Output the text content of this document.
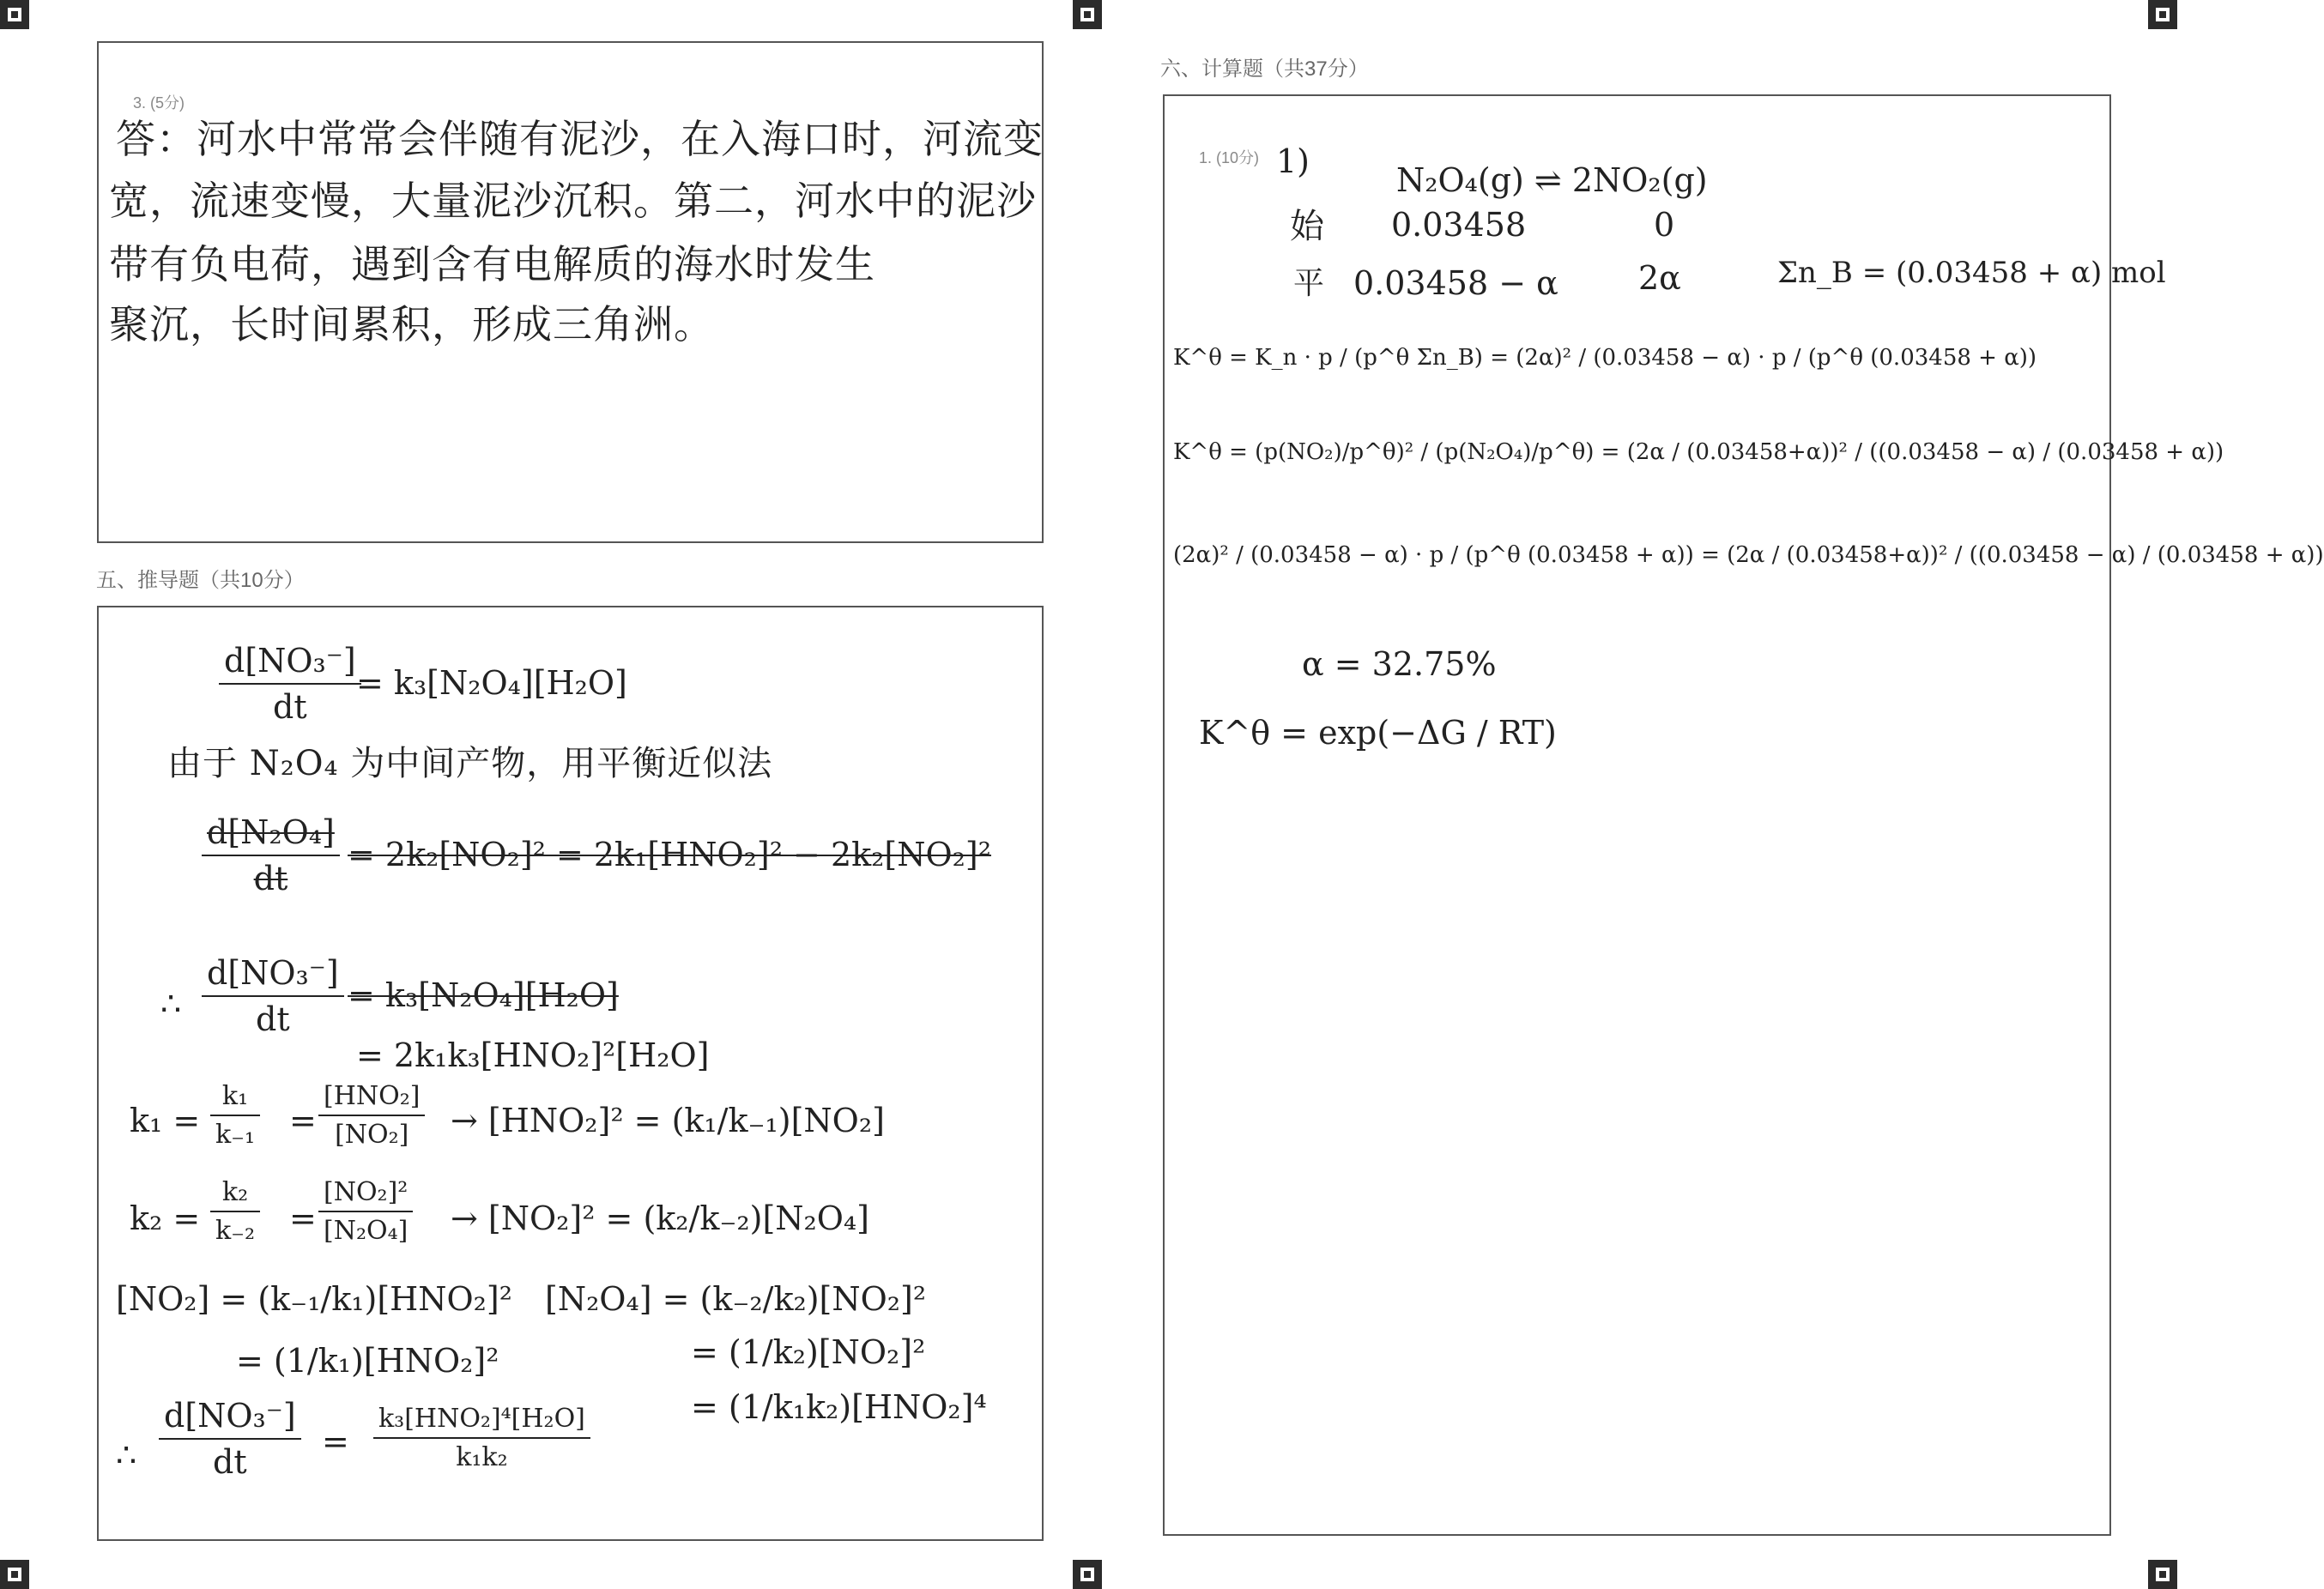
3. (5分)
答：河水中常常会伴随有泥沙，在入海口时，河流变
宽，流速变慢，大量泥沙沉积。第二，河水中的泥沙
带有负电荷，遇到含有电解质的海水时发生
聚沉，长时间累积，形成三角洲。
五、推导题（共10分）
$\frac{\text{d[NO₃⁻]}}{dt}$
= k₃[N₂O₄][H₂O]
由于 N₂O₄ 为中间产物，用平衡近似法
$\frac{\text{d[N₂O₄]}}{dt} = 2k_2[NO_2]^2 = 2k_1[HNO_2]^2 - 2k_2[NO_2]^2$
∴ $\frac{\text{d[NO₃⁻]}}{dt} = k_3[N_2O_4][H_2O]$
= 2k₁k₃[HNO₂]²[H₂O]
$k_1 = \frac{\text{k₁}}{\text{k₋₁}}$ =
[HNO₂]
[NO₂]	→ [HNO₂]² = (k₁/k₋₁)[NO₂]
$k_2 = \frac{\text{k₂}}{\text{k₋₂}} = \frac{\text{[NO₂]²}}{\text{[N₂O₄]}} \to [NO_2]^2 = (k_2/k_{-2})[N_2O_4]$
[NO₂] = (k₋₁/k₁)[HNO₂]² [N₂O₄] = (k₋₂/k₂)[NO₂]²
= (1/k₁)[HNO₂]²	= (1/k₂)[NO₂]²
= (1/k₁k₂)[HNO₂]⁴
∴ $\frac{\text{d[NO₃⁻]}}{dt}$ =
k₃[HNO₂]⁴[H₂O]
k₁k₂
六、计算题（共37分）
1. (10分) 1)	N₂O₄(g) ⇌ 2NO₂(g)
始 0.03458	0
平 0.03458 − α 2α	Σn_B = (0.03458 + α) mol
K^θ = K_n · p / (p^θ Σn_B) = (2α)² / (0.03458 − α) · p / (p^θ (0.03458 + α))
K^θ = (p(NO₂)/p^θ)² / (p(N₂O₄)/p^θ) = (2α / (0.03458+α))² / ((0.03458 − α) / (0.03458 + α))
(2α)² / (0.03458 − α) · p / (p^θ (0.03458 + α)) = (2α / (0.03458+α))² / ((0.03458 − α) / (0.03458 + α))
α = 32.75%
K^θ = exp(−ΔG / RT)
